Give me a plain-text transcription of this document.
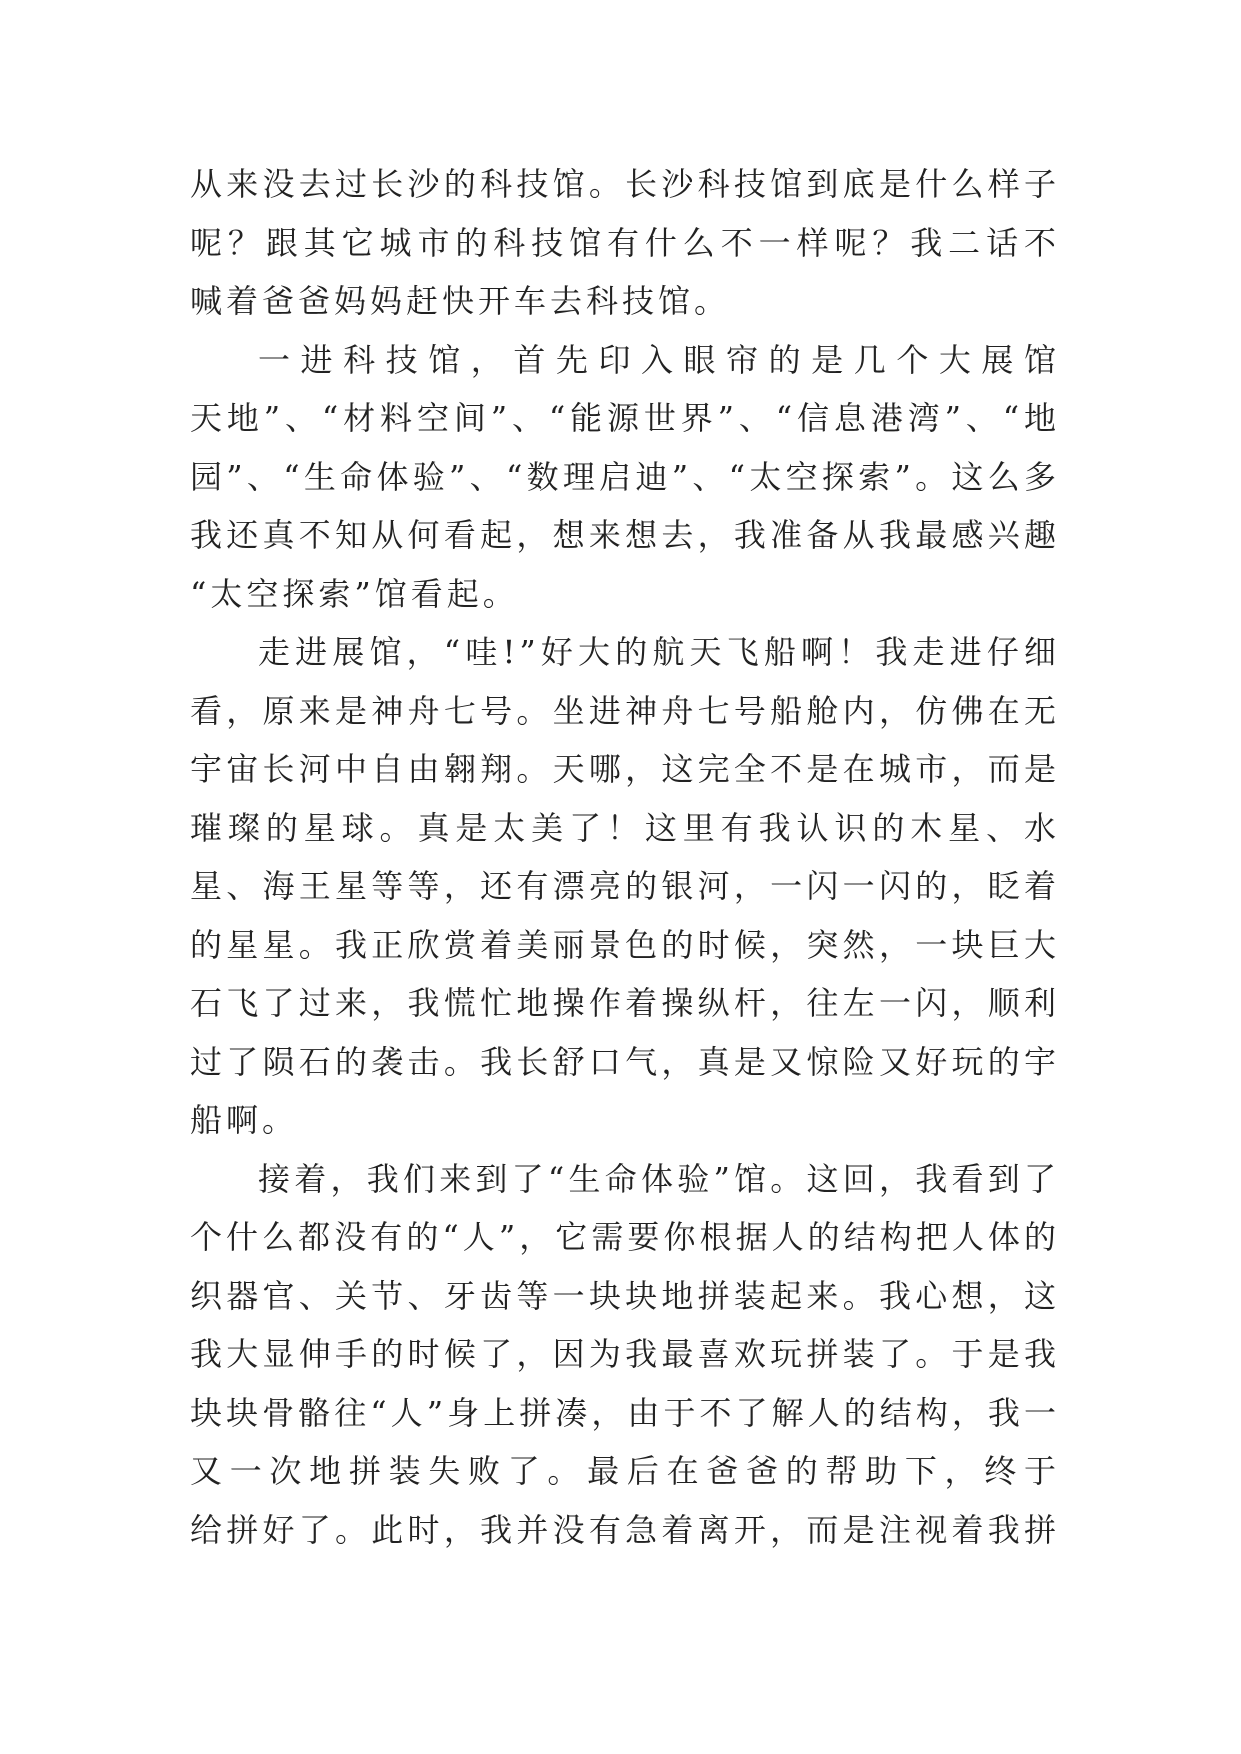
从来没去过长沙的科技馆。长沙科技馆到底是什么样子
呢？跟其它城市的科技馆有什么不一样呢？我二话不
喊着爸爸妈妈赶快开车去科技馆。
一进科技馆，首先印入眼帘的是几个大展馆
天地”、“材料空间”、“能源世界”、“信息港湾”、“地
园”、“生命体验”、“数理启迪”、“太空探索”。这么多
我还真不知从何看起，想来想去，我准备从我最感兴趣
“太空探索”馆看起。
走进展馆，“哇!”好大的航天飞船啊！我走进仔细
看，原来是神舟七号。坐进神舟七号船舱内，仿佛在无
宇宙长河中自由翱翔。天哪，这完全不是在城市，而是
璀璨的星球。真是太美了！这里有我认识的木星、水
星、海王星等等，还有漂亮的银河，一闪一闪的，眨着
的星星。我正欣赏着美丽景色的时候，突然，一块巨大
石飞了过来，我慌忙地操作着操纵杆，往左一闪，顺利
过了陨石的袭击。我长舒口气，真是又惊险又好玩的宇
船啊。
接着，我们来到了“生命体验”馆。这回，我看到了
个什么都没有的“人”，它需要你根据人的结构把人体的
织器官、关节、牙齿等一块块地拼装起来。我心想，这
我大显伸手的时候了，因为我最喜欢玩拼装了。于是我
块块骨骼往“人”身上拼凑，由于不了解人的结构，我一
又一次地拼装失败了。最后在爸爸的帮助下，终于
给拼好了。此时，我并没有急着离开，而是注视着我拼
